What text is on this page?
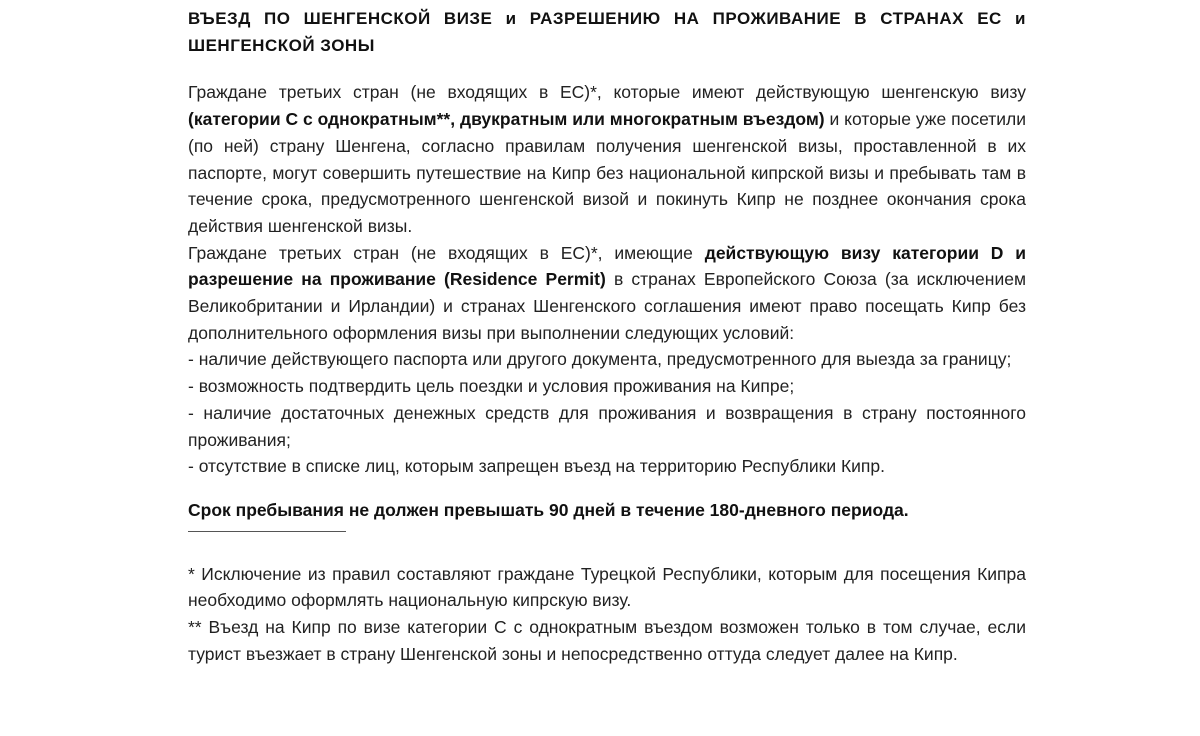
ВЪЕЗД ПО ШЕНГЕНСКОЙ ВИЗЕ и РАЗРЕШЕНИЮ НА ПРОЖИВАНИЕ В СТРАНАХ ЕС и ШЕНГЕНСКОЙ ЗОНЫ

Граждане третьих стран (не входящих в ЕС)*, которые имеют действующую шенгенскую визу (категории С с однократным**, двукратным или многократным въездом) и которые уже посетили (по ней) страну Шенгена, согласно правилам получения шенгенской визы, проставленной в их паспорте, могут совершить путешествие на Кипр без национальной кипрской визы и пребывать там в течение срока, предусмотренного шенгенской визой и покинуть Кипр не позднее окончания срока действия шенгенской визы.

Граждане третьих стран (не входящих в ЕС)*, имеющие действующую визу категории D и разрешение на проживание (Residence Permit) в странах Европейского Союза (за исключением Великобритании и Ирландии) и странах Шенгенского соглашения имеют право посещать Кипр без дополнительного оформления визы при выполнении следующих условий:

- наличие действующего паспорта или другого документа, предусмотренного для выезда за границу;

- возможность подтвердить цель поездки и условия проживания на Кипре;

- наличие достаточных денежных средств для проживания и возвращения в страну постоянного проживания;

- отсутствие в списке лиц, которым запрещен въезд на территорию Республики Кипр.

Срок пребывания не должен превышать 90 дней в течение 180-дневного периода.

* Исключение из правил составляют граждане Турецкой Республики, которым для посещения Кипра необходимо оформлять национальную кипрскую визу.

** Въезд на Кипр по визе категории С с однократным въездом возможен только в том случае, если турист въезжает в страну Шенгенской зоны и непосредственно оттуда следует далее на Кипр.
